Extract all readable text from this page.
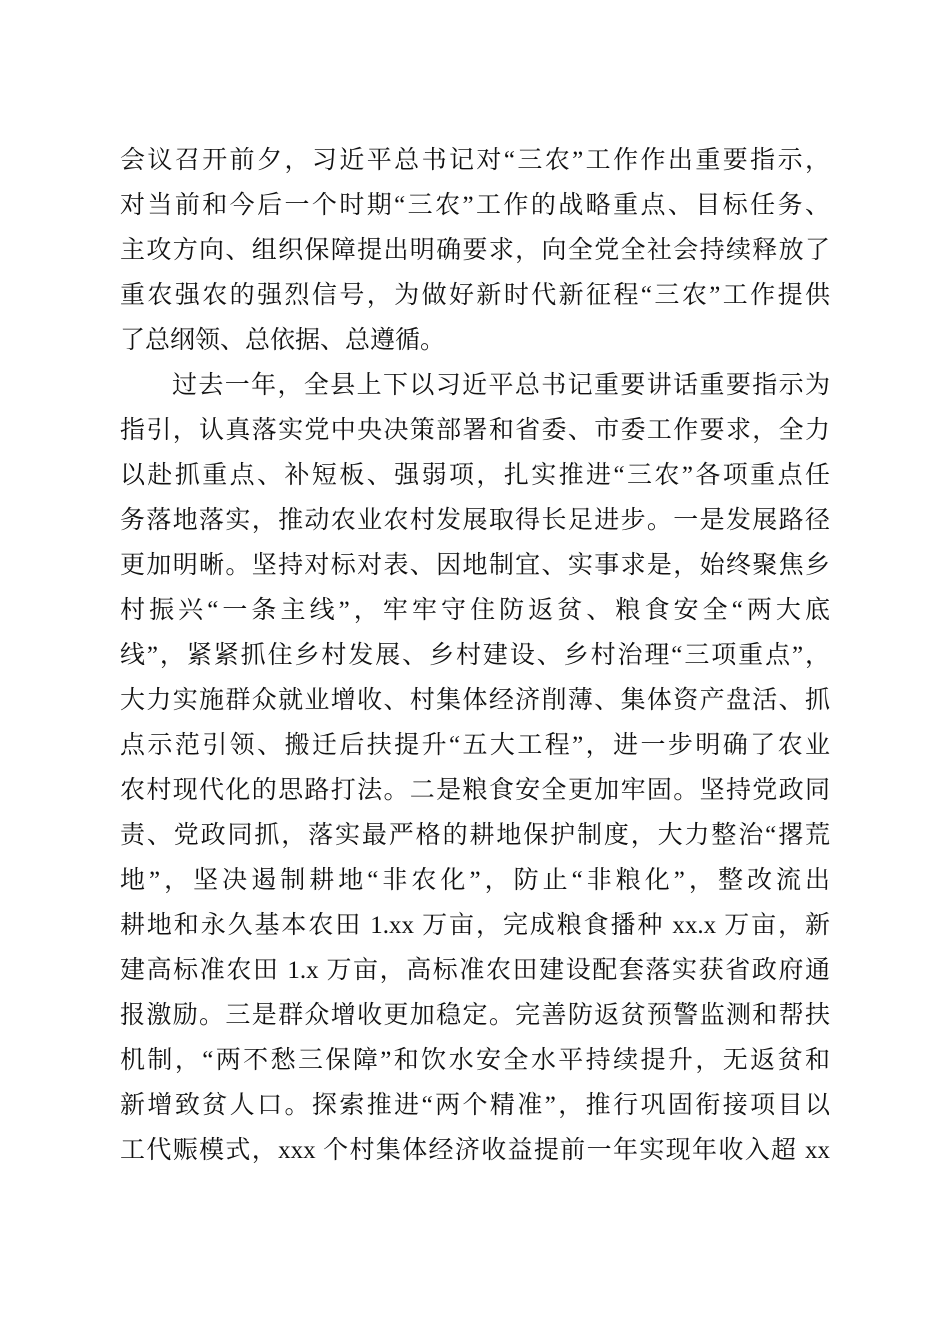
会议召开前夕，习近平总书记对“三农”工作作出重要指示，
对当前和今后一个时期“三农”工作的战略重点、目标任务、
主攻方向、组织保障提出明确要求，向全党全社会持续释放了
重农强农的强烈信号，为做好新时代新征程“三农”工作提供
了总纲领、总依据、总遵循。
过去一年，全县上下以习近平总书记重要讲话重要指示为
指引，认真落实党中央决策部署和省委、市委工作要求，全力
以赴抓重点、补短板、强弱项，扎实推进“三农”各项重点任
务落地落实，推动农业农村发展取得长足进步。一是发展路径
更加明晰。坚持对标对表、因地制宜、实事求是，始终聚焦乡
村振兴“一条主线”，牢牢守住防返贫、粮食安全“两大底
线”，紧紧抓住乡村发展、乡村建设、乡村治理“三项重点”，
大力实施群众就业增收、村集体经济削薄、集体资产盘活、抓
点示范引领、搬迁后扶提升“五大工程”，进一步明确了农业
农村现代化的思路打法。二是粮食安全更加牢固。坚持党政同
责、党政同抓，落实最严格的耕地保护制度，大力整治“撂荒
地”，坚决遏制耕地“非农化”，防止“非粮化”，整改流出
耕地和永久基本农田 1.xx 万亩，完成粮食播种 xx.x 万亩，新
建高标准农田 1.x 万亩，高标准农田建设配套落实获省政府通
报激励。三是群众增收更加稳定。完善防返贫预警监测和帮扶
机制，“两不愁三保障”和饮水安全水平持续提升，无返贫和
新增致贫人口。探索推进“两个精准”，推行巩固衔接项目以
工代赈模式，xxx 个村集体经济收益提前一年实现年收入超 xx
